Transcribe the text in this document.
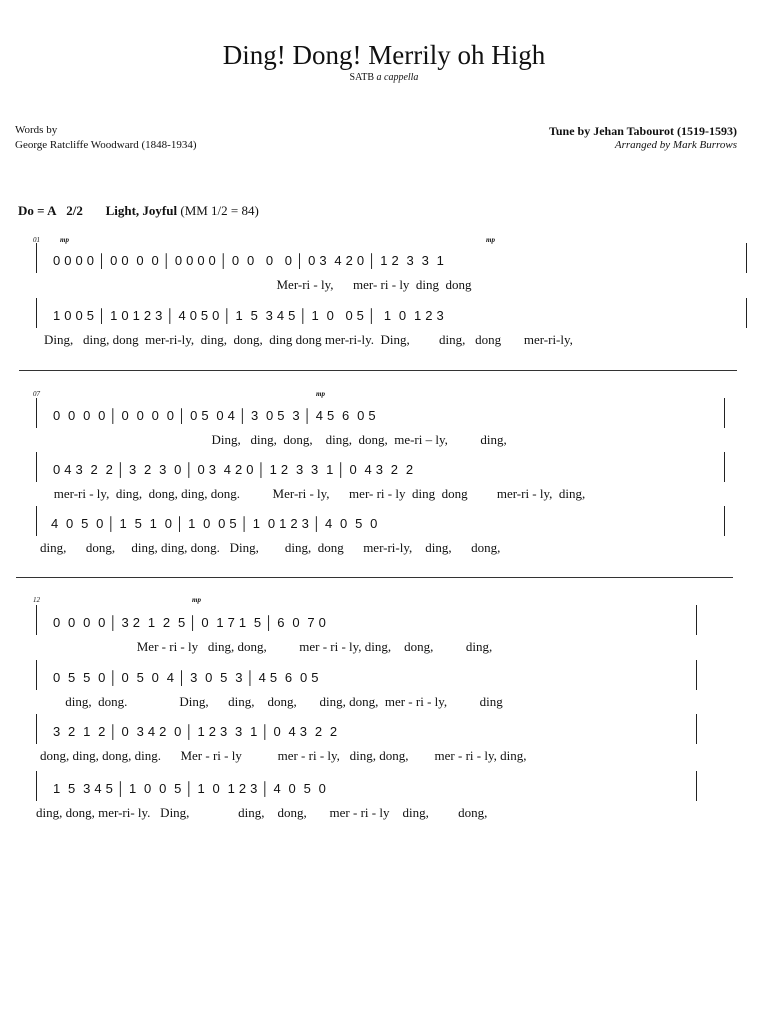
Ding! Dong! Merrily oh High
SATB a cappella
Words by
George Ratcliffe Woodward (1848-1934)
Tune by Jehan Tabourot (1519-1593)
Arranged by Mark Burrows
Do = A 2/2 Light, Joyful (MM 1/2 = 84)
01	mp	mp
0 0 0 0 │ 0 0  0  0 │ 0 0 0 0 │ 0  0   0   0 │ 0 3  4 2 0 │ 1 2  3  3  1
Mer-ri - ly,      mer- ri - ly  ding  dong
1 0 0 5 │ 1 0 1 2 3 │ 4 0 5 0 │ 1  5  3 4 5 │ 1  0   0 5 │  1  0  1 2 3
Ding,   ding, dong  mer-ri-ly,  ding,  dong,  ding dong mer-ri-ly.  Ding,         ding,   dong       mer-ri-ly,
07	mp
0  0  0  0 │ 0  0  0  0 │ 0 5  0 4 │ 3  0 5  3 │ 4 5  6  0 5
Ding,   ding,  dong,    ding,  dong,  me-ri – ly,          ding,
0 4 3  2  2 │ 3  2  3  0 │ 0 3  4 2 0 │ 1 2  3  3  1 │ 0  4 3  2  2
mer-ri - ly,  ding,  dong, ding, dong.          Mer-ri - ly,      mer- ri - ly  ding  dong         mer-ri - ly,  ding,
4  0  5  0 │ 1  5  1  0 │ 1  0  0 5 │ 1  0 1 2 3 │ 4  0  5  0
ding,      dong,     ding, ding, dong.   Ding,        ding,  dong      mer-ri-ly,    ding,      dong,
12	mp
0  0  0  0 │ 3 2  1  2  5 │ 0  1 7 1  5 │ 6  0  7 0
Mer - ri - ly   ding, dong,          mer - ri - ly, ding,    dong,          ding,
0  5  5  0 │ 0  5  0  4 │ 3  0  5  3 │ 4 5  6  0 5
ding,  dong.                Ding,      ding,    dong,       ding, dong,  mer - ri - ly,          ding
3  2  1  2 │ 0  3 4 2  0 │ 1 2 3  3  1 │ 0  4 3  2  2
dong, ding, dong, ding.      Mer - ri - ly           mer - ri - ly,   ding, dong,        mer - ri - ly, ding,
1  5  3 4 5 │ 1  0  0  5 │ 1  0  1 2 3 │ 4  0  5  0
ding, dong, mer-ri- ly.   Ding,               ding,    dong,       mer - ri - ly    ding,         dong,
